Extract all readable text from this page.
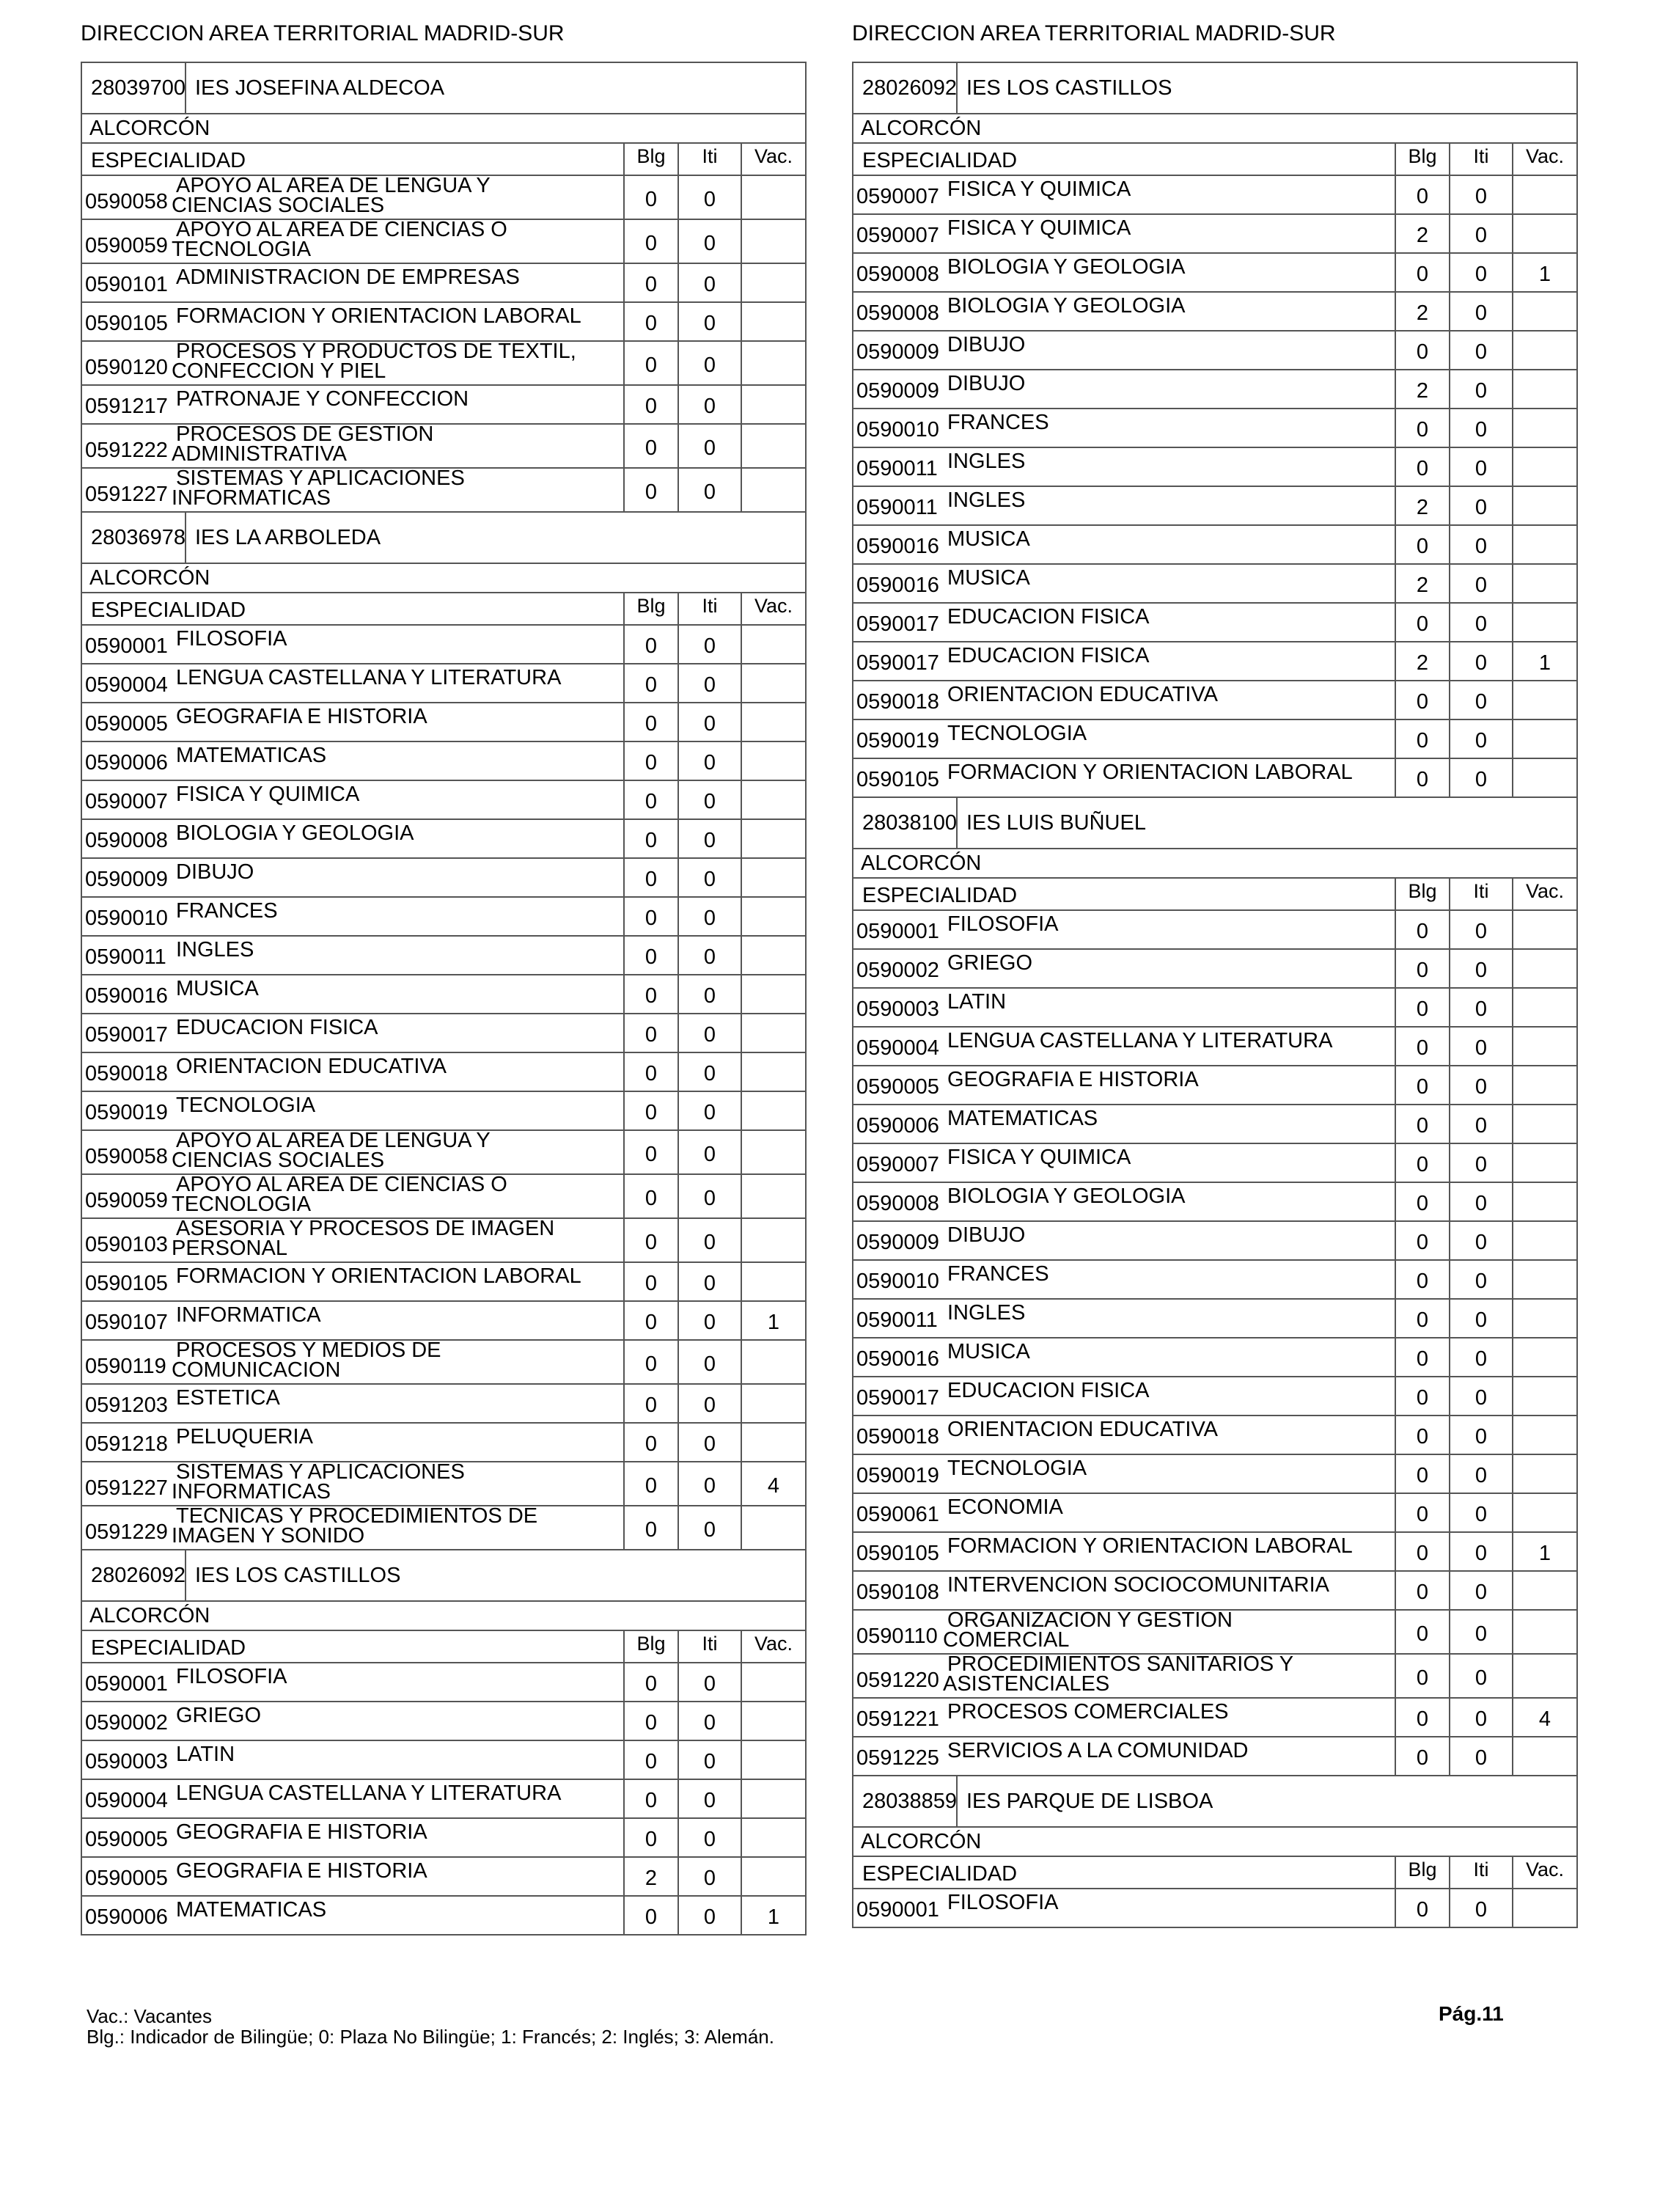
DIRECCION AREA TERRITORIAL MADRID-SUR
28039700 IES JOSEFINA ALDECOA
ALCORCÓN
ESPECIALIDAD	Blg	Iti	Vac.
0590058
APOYO AL AREA DE LENGUA Y
CIENCIAS SOCIALES	0	0
0590059
APOYO AL AREA DE CIENCIAS O
TECNOLOGIA	0	0
0590101 ADMINISTRACION DE EMPRESAS	0	0
0590105 FORMACION Y ORIENTACION LABORAL	0	0
0590120
PROCESOS Y PRODUCTOS DE TEXTIL,
CONFECCION Y PIEL	0	0
0591217 PATRONAJE Y CONFECCION	0	0
0591222
PROCESOS DE GESTION
ADMINISTRATIVA	0	0
0591227
SISTEMAS Y APLICACIONES
INFORMATICAS	0	0
28036978 IES LA ARBOLEDA
ALCORCÓN
ESPECIALIDAD	Blg	Iti	Vac.
0590001 FILOSOFIA	0	0
0590004 LENGUA CASTELLANA Y LITERATURA	0	0
0590005 GEOGRAFIA E HISTORIA	0	0
0590006 MATEMATICAS	0	0
0590007 FISICA Y QUIMICA	0	0
0590008 BIOLOGIA Y GEOLOGIA	0	0
0590009 DIBUJO	0	0
0590010 FRANCES	0	0
0590011 INGLES	0	0
0590016 MUSICA	0	0
0590017 EDUCACION FISICA	0	0
0590018 ORIENTACION EDUCATIVA	0	0
0590019 TECNOLOGIA	0	0
0590058
APOYO AL AREA DE LENGUA Y
CIENCIAS SOCIALES	0	0
0590059
APOYO AL AREA DE CIENCIAS O
TECNOLOGIA	0	0
0590103
ASESORIA Y PROCESOS DE IMAGEN
PERSONAL	0	0
0590105 FORMACION Y ORIENTACION LABORAL	0	0
0590107 INFORMATICA	0	0	1
0590119
PROCESOS Y MEDIOS DE
COMUNICACION	0	0
0591203 ESTETICA	0	0
0591218 PELUQUERIA	0	0
0591227
SISTEMAS Y APLICACIONES
INFORMATICAS	0	0	4
0591229
TECNICAS Y PROCEDIMIENTOS DE
IMAGEN Y SONIDO	0	0
28026092 IES LOS CASTILLOS
ALCORCÓN
ESPECIALIDAD	Blg	Iti	Vac.
0590001 FILOSOFIA	0	0
0590002 GRIEGO	0	0
0590003 LATIN	0	0
0590004 LENGUA CASTELLANA Y LITERATURA	0	0
0590005 GEOGRAFIA E HISTORIA	0	0
0590005 GEOGRAFIA E HISTORIA	2	0
0590006 MATEMATICAS	0	0	1
DIRECCION AREA TERRITORIAL MADRID-SUR
28026092 IES LOS CASTILLOS
ALCORCÓN
ESPECIALIDAD	Blg	Iti	Vac.
0590007 FISICA Y QUIMICA	0	0
0590007 FISICA Y QUIMICA	2	0
0590008 BIOLOGIA Y GEOLOGIA	0	0	1
0590008 BIOLOGIA Y GEOLOGIA	2	0
0590009 DIBUJO	0	0
0590009 DIBUJO	2	0
0590010 FRANCES	0	0
0590011 INGLES	0	0
0590011 INGLES	2	0
0590016 MUSICA	0	0
0590016 MUSICA	2	0
0590017 EDUCACION FISICA	0	0
0590017 EDUCACION FISICA	2	0	1
0590018 ORIENTACION EDUCATIVA	0	0
0590019 TECNOLOGIA	0	0
0590105 FORMACION Y ORIENTACION LABORAL	0	0
28038100 IES LUIS BUÑUEL
ALCORCÓN
ESPECIALIDAD	Blg	Iti	Vac.
0590001 FILOSOFIA	0	0
0590002 GRIEGO	0	0
0590003 LATIN	0	0
0590004 LENGUA CASTELLANA Y LITERATURA	0	0
0590005 GEOGRAFIA E HISTORIA	0	0
0590006 MATEMATICAS	0	0
0590007 FISICA Y QUIMICA	0	0
0590008 BIOLOGIA Y GEOLOGIA	0	0
0590009 DIBUJO	0	0
0590010 FRANCES	0	0
0590011 INGLES	0	0
0590016 MUSICA	0	0
0590017 EDUCACION FISICA	0	0
0590018 ORIENTACION EDUCATIVA	0	0
0590019 TECNOLOGIA	0	0
0590061 ECONOMIA	0	0
0590105 FORMACION Y ORIENTACION LABORAL	0	0	1
0590108 INTERVENCION SOCIOCOMUNITARIA	0	0
0590110
ORGANIZACION Y GESTION
COMERCIAL	0	0
0591220
PROCEDIMIENTOS SANITARIOS Y
ASISTENCIALES	0	0
0591221 PROCESOS COMERCIALES	0	0	4
0591225 SERVICIOS A LA COMUNIDAD	0	0
28038859 IES PARQUE DE LISBOA
ALCORCÓN
ESPECIALIDAD	Blg	Iti	Vac.
0590001 FILOSOFIA	0	0
Vac.: Vacantes
Blg.: Indicador de Bilingüe; 0: Plaza No Bilingüe; 1: Francés; 2: Inglés; 3: Alemán.
Pág.11
